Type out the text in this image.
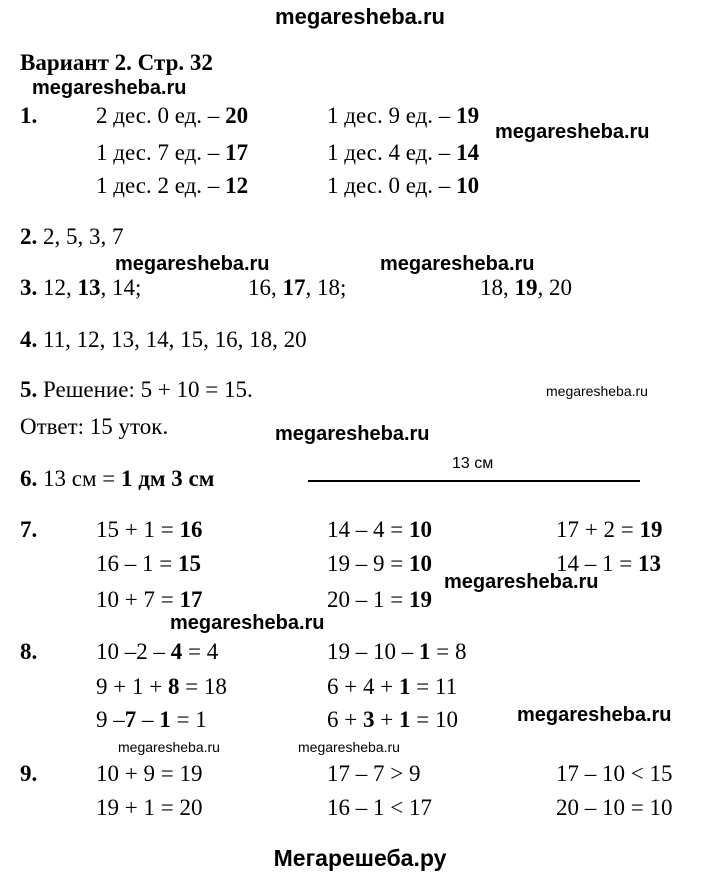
megaresheba.ru
Мегарешеба.ру
megaresheba.ru
megaresheba.ru
megaresheba.ru	megaresheba.ru
megaresheba.ru
megaresheba.ru
megaresheba.ru
megaresheba.ru
megaresheba.ru
megaresheba.ru	megaresheba.ru
Вариант 2. Стр. 32
1.	2 дес. 0 ед. – 20	1 дес. 9 ед. – 19
1 дес. 7 ед. – 17	1 дес. 4 ед. – 14
1 дес. 2 ед. – 12	1 дес. 0 ед. – 10
2. 2, 5, 3, 7
3. 12, 13, 14;	16, 17, 18;	18, 19, 20
4. 11, 12, 13, 14, 15, 16, 18, 20
5. Решение: 5 + 10 = 15.
Ответ: 15 уток.
6. 13 см = 1 дм 3 см
13 см
7.	15 + 1 = 16	14 – 4 = 10	17 + 2 = 19
16 – 1 = 15	19 – 9 = 10	14 – 1 = 13
10 + 7 = 17	20 – 1 = 19
8.	10 –2 – 4 = 4	19 – 10 – 1 = 8
9 + 1 + 8 = 18	6 + 4 + 1 = 11
9 –7 – 1 = 1	6 + 3 + 1 = 10
9.	10 + 9 = 19	17 – 7 > 9	17 – 10 < 15
19 + 1 = 20	16 – 1 < 17	20 – 10 = 10
